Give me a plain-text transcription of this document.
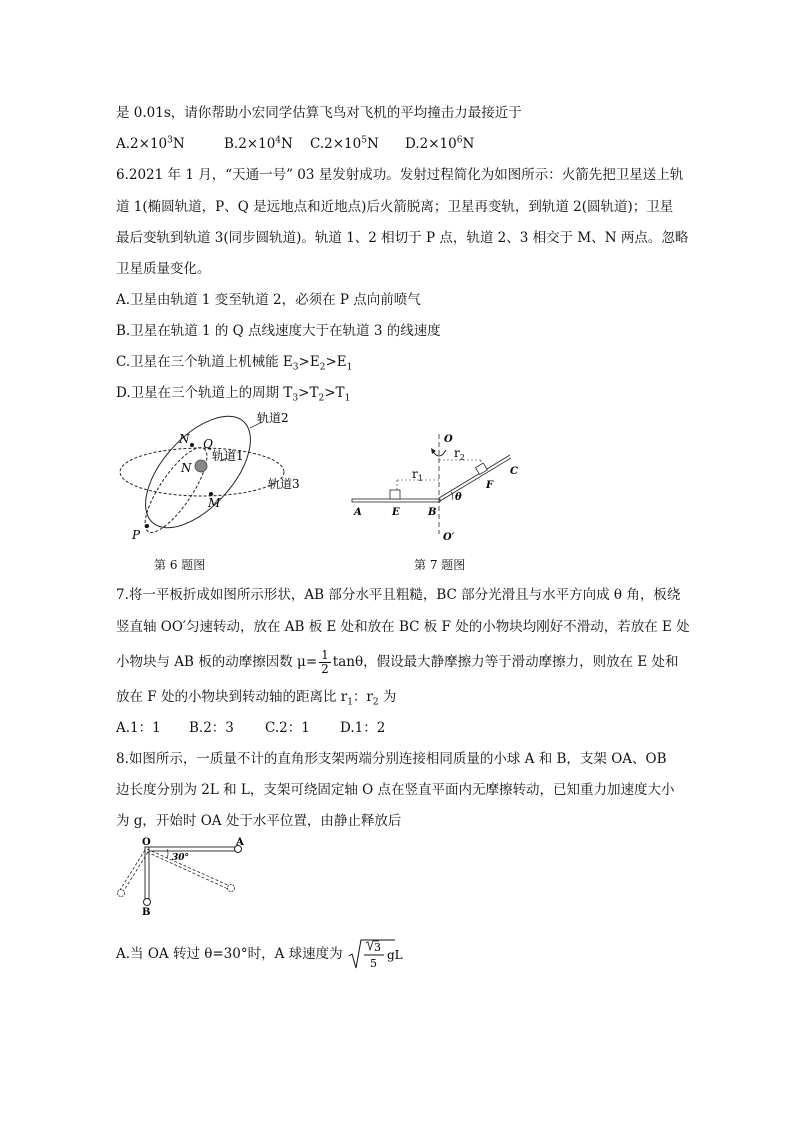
是 0.01s，请你帮助小宏同学估算飞鸟对飞机的平均撞击力最接近于
$A.2\times 10^3N$	$B.2\times 10^4N$ $C.2\times 10^5N$ $D.2\times 10^6N$
6.2021 年 1 月，“天通一号” 03 星发射成功。发射过程简化为如图所示：火箭先把卫星送上轨
道 1(椭圆轨道，P、Q 是远地点和近地点)后火箭脱离；卫星再变轨，到轨道 2(圆轨道)；卫星
最后变轨到轨道 3(同步圆轨道)。轨道 1、2 相切于 P 点，轨道 2、3 相交于 M、N 两点。忽略
卫星质量变化。
A.卫星由轨道 1 变至轨道 2，必须在 P 点向前喷气
B.卫星在轨道 1 的 Q 点线速度大于在轨道 3 的线速度
C.卫星在三个轨道上机械能 $E_3>E_2>E_1$
D.卫星在三个轨道上的周期 $T_3>T_2>T_1$
轨道2
轨道1
轨道3
N Q
N
M
P
第 6 题图
O
O′
$r_1$
$r_2$
θ
A	E	B
F
C
第 7 题图
7.将一平板折成如图所示形状，AB 部分水平且粗糙，BC 部分光滑且与水平方向成 θ 角，板绕
竖直轴 OO′匀速转动，放在 AB 板 E 处和放在 BC 板 F 处的小物块均刚好不滑动，若放在 E 处
小物块与 AB 板的动摩擦因数 $\mu= \frac{1}{2}$ tanθ，假设最大静摩擦力等于滑动摩擦力，则放在 E 处和
放在 F 处的小物块到转动轴的距离比 $r_1$：$r_2$ 为
A.1：1 B.2：3 C.2：1 D.1：2
8.如图所示，一质量不计的直角形支架两端分别连接相同质量的小球 A 和 B，支架 OA、OB
边长度分别为 2L 和 L，支架可绕固定轴 O 点在竖直平面内无摩擦转动，已知重力加速度大小
为 g，开始时 OA 处于水平位置，由静止释放后
O	A
B
30°
A.当 OA 转过 θ=30°时，A 球速度为	3
5
gL
